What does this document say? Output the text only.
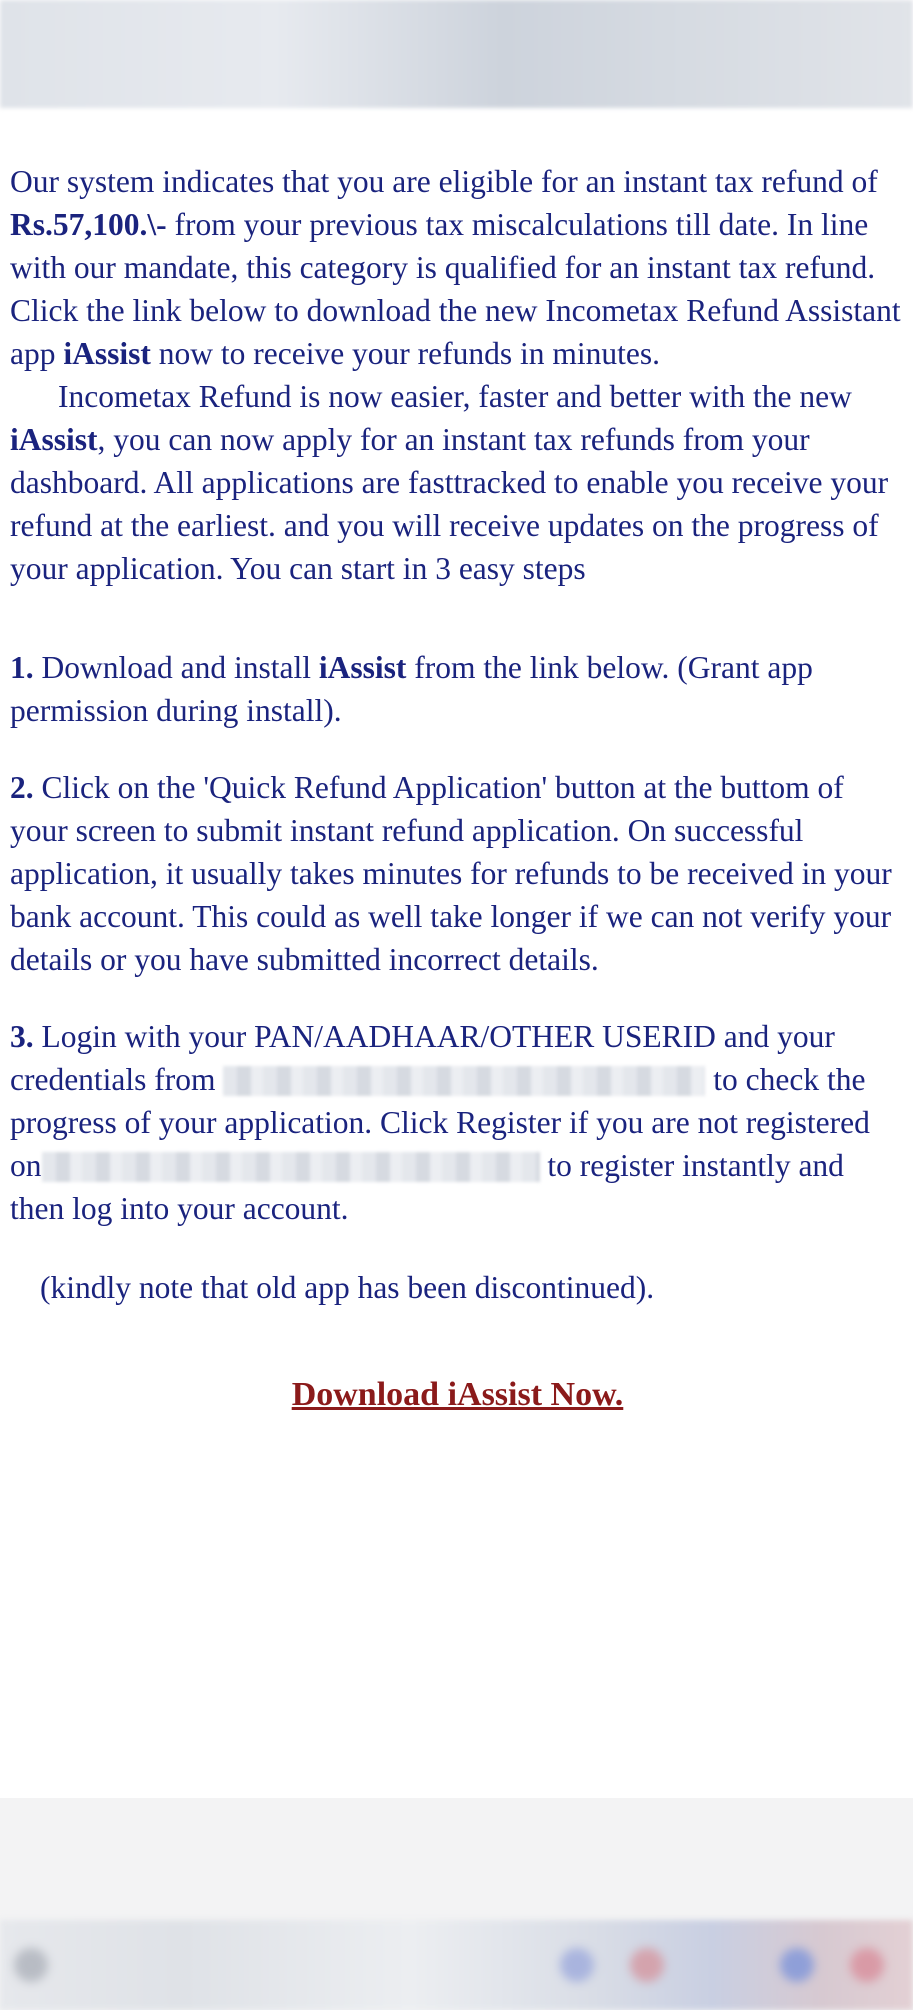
Our system indicates that you are eligible for an instant tax refund of Rs.57,100.\- from your previous tax miscalculations till date. In line with our mandate, this category is qualified for an instant tax refund. Click the link below to download the new Incometax Refund Assistant app iAssist now to receive your refunds in minutes.

Incometax Refund is now easier, faster and better with the new iAssist, you can now apply for an instant tax refunds from your dashboard. All applications are fasttracked to enable you receive your refund at the earliest. and you will receive updates on the progress of your application. You can start in 3 easy steps

1. Download and install iAssist from the link below. (Grant app permission during install).

2. Click on the 'Quick Refund Application' button at the buttom of your screen to submit instant refund application. On successful application, it usually takes minutes for refunds to be received in your bank account. This could as well take longer if we can not verify your details or you have submitted incorrect details.

3. Login with your PAN/AADHAAR/OTHER USERID and your credentials from	to check the progress of your application. Click Register if you are not registered on	to register instantly and then log into your account.

(kindly note that old app has been discontinued).

Download iAssist Now.
